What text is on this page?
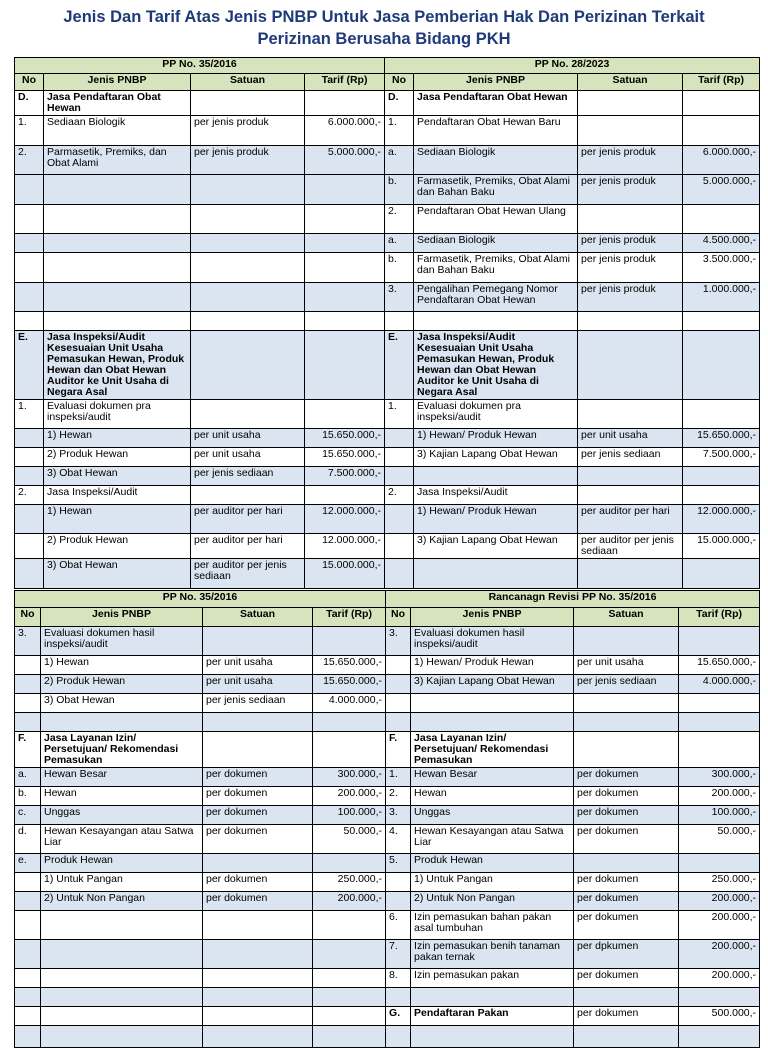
Jenis Dan Tarif Atas Jenis PNBP Untuk Jasa Pemberian Hak Dan Perizinan Terkait
Perizinan Berusaha Bidang PKH
PP No. 35/2016				PP No. 28/2023			
No	Jenis PNBP	Satuan	Tarif (Rp)	No	Jenis PNBP	Satuan	Tarif (Rp)
D.	Jasa Pendaftaran Obat Hewan			D.	Jasa Pendaftaran Obat Hewan		
1.	Sediaan Biologik	per jenis produk	6.000.000,-	1.	Pendaftaran Obat Hewan Baru		
2.	Parmasetik, Premiks, dan Obat Alami	per jenis produk	5.000.000,-	a.	Sediaan Biologik	per jenis produk	6.000.000,-
				b.	Farmasetik, Premiks, Obat Alami dan Bahan Baku	per jenis produk	5.000.000,-
				2.	Pendaftaran Obat Hewan Ulang		
				a.	Sediaan Biologik	per jenis produk	4.500.000,-
				b.	Farmasetik, Premiks, Obat Alami dan Bahan Baku	per jenis produk	3.500.000,-
				3.	Pengalihan Pemegang Nomor Pendaftaran Obat Hewan	per jenis produk	1.000.000,-

E.	Jasa Inspeksi/Audit Kesesuaian Unit Usaha Pemasukan Hewan, Produk Hewan dan Obat Hewan Auditor ke Unit Usaha di Negara Asal			E.	Jasa Inspeksi/Audit Kesesuaian Unit Usaha Pemasukan Hewan, Produk Hewan dan Obat Hewan Auditor ke Unit Usaha di Negara Asal		
1.	Evaluasi dokumen pra inspeksi/audit			1.	Evaluasi dokumen pra inspeksi/audit		
	1) Hewan	per unit usaha	15.650.000,-		1) Hewan/ Produk Hewan	per unit usaha	15.650.000,-
	2) Produk Hewan	per unit usaha	15.650.000,-		3) Kajian Lapang Obat Hewan	per jenis sediaan	7.500.000,-
	3) Obat Hewan	per jenis sediaan	7.500.000,-				
2.	Jasa Inspeksi/Audit			2.	Jasa Inspeksi/Audit		
	1) Hewan	per auditor per hari	12.000.000,-		1) Hewan/ Produk Hewan	per auditor per hari	12.000.000,-
	2) Produk Hewan	per auditor per hari	12.000.000,-		3) Kajian Lapang Obat Hewan	per auditor per jenis sediaan	15.000.000,-
	3) Obat Hewan	per auditor per jenis sediaan	15.000.000,-				
PP No. 35/2016				Rancanagn Revisi PP No. 35/2016			
No	Jenis PNBP	Satuan	Tarif (Rp)	No	Jenis PNBP	Satuan	Tarif (Rp)
3.	Evaluasi dokumen hasil inspeksi/audit			3.	Evaluasi dokumen hasil inspeksi/audit		
	1) Hewan	per unit usaha	15.650.000,-		1) Hewan/ Produk Hewan	per unit usaha	15.650.000,-
	2) Produk Hewan	per unit usaha	15.650.000,-		3) Kajian Lapang Obat Hewan	per jenis sediaan	4.000.000,-
	3) Obat Hewan	per jenis sediaan	4.000.000,-				

F.	Jasa Layanan Izin/ Persetujuan/ Rekomendasi Pemasukan			F.	Jasa Layanan Izin/ Persetujuan/ Rekomendasi Pemasukan		
a.	Hewan Besar	per dokumen	300.000,-	1.	Hewan Besar	per dokumen	300.000,-
b.	Hewan	per dokumen	200.000,-	2.	Hewan	per dokumen	200.000,-
c.	Unggas	per dokumen	100.000,-	3.	Unggas	per dokumen	100.000,-
d.	Hewan Kesayangan atau Satwa Liar	per dokumen	50.000,-	4.	Hewan Kesayangan atau Satwa Liar	per dokumen	50.000,-
e.	Produk Hewan			5.	Produk Hewan		
	1) Untuk Pangan	per dokumen	250.000,-		1) Untuk Pangan	per dokumen	250.000,-
	2) Untuk Non Pangan	per dokumen	200.000,-		2) Untuk Non Pangan	per dokumen	200.000,-
				6.	Izin pemasukan bahan pakan asal tumbuhan	per dokumen	200.000,-
				7.	Izin pemasukan benih tanaman pakan ternak	per dpkumen	200.000,-
				8.	Izin pemasukan pakan	per dokumen	200.000,-

				G.	Pendaftaran Pakan	per dokumen	500.000,-
